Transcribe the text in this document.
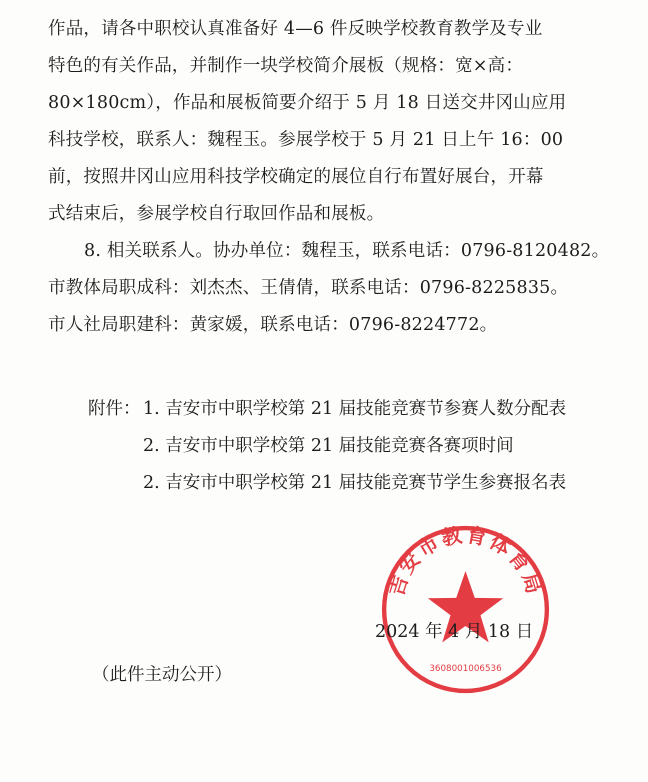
作品，请各中职校认真准备好 4—6 件反映学校教育教学及专业
特色的有关作品，并制作一块学校简介展板（规格：宽×高：
80×180cm），作品和展板简要介绍于 5 月 18 日送交井冈山应用
科技学校，联系人：魏程玉。参展学校于 5 月 21 日上午 16：00
前，按照井冈山应用科技学校确定的展位自行布置好展台，开幕
式结束后，参展学校自行取回作品和展板。
8. 相关联系人。协办单位：魏程玉，联系电话：0796-8120482。
市教体局职成科：刘杰杰、王倩倩，联系电话：0796-8225835。
市人社局职建科：黄家媛，联系电话：0796-8224772。
附件： 1. 吉安市中职学校第 21 届技能竞赛节参赛人数分配表
2. 吉安市中职学校第 21 届技能竞赛各赛项时间
2. 吉安市中职学校第 21 届技能竞赛节学生参赛报名表
吉安市教育体育局
3608001006536
2024 年 4 月 18 日
（此件主动公开）
